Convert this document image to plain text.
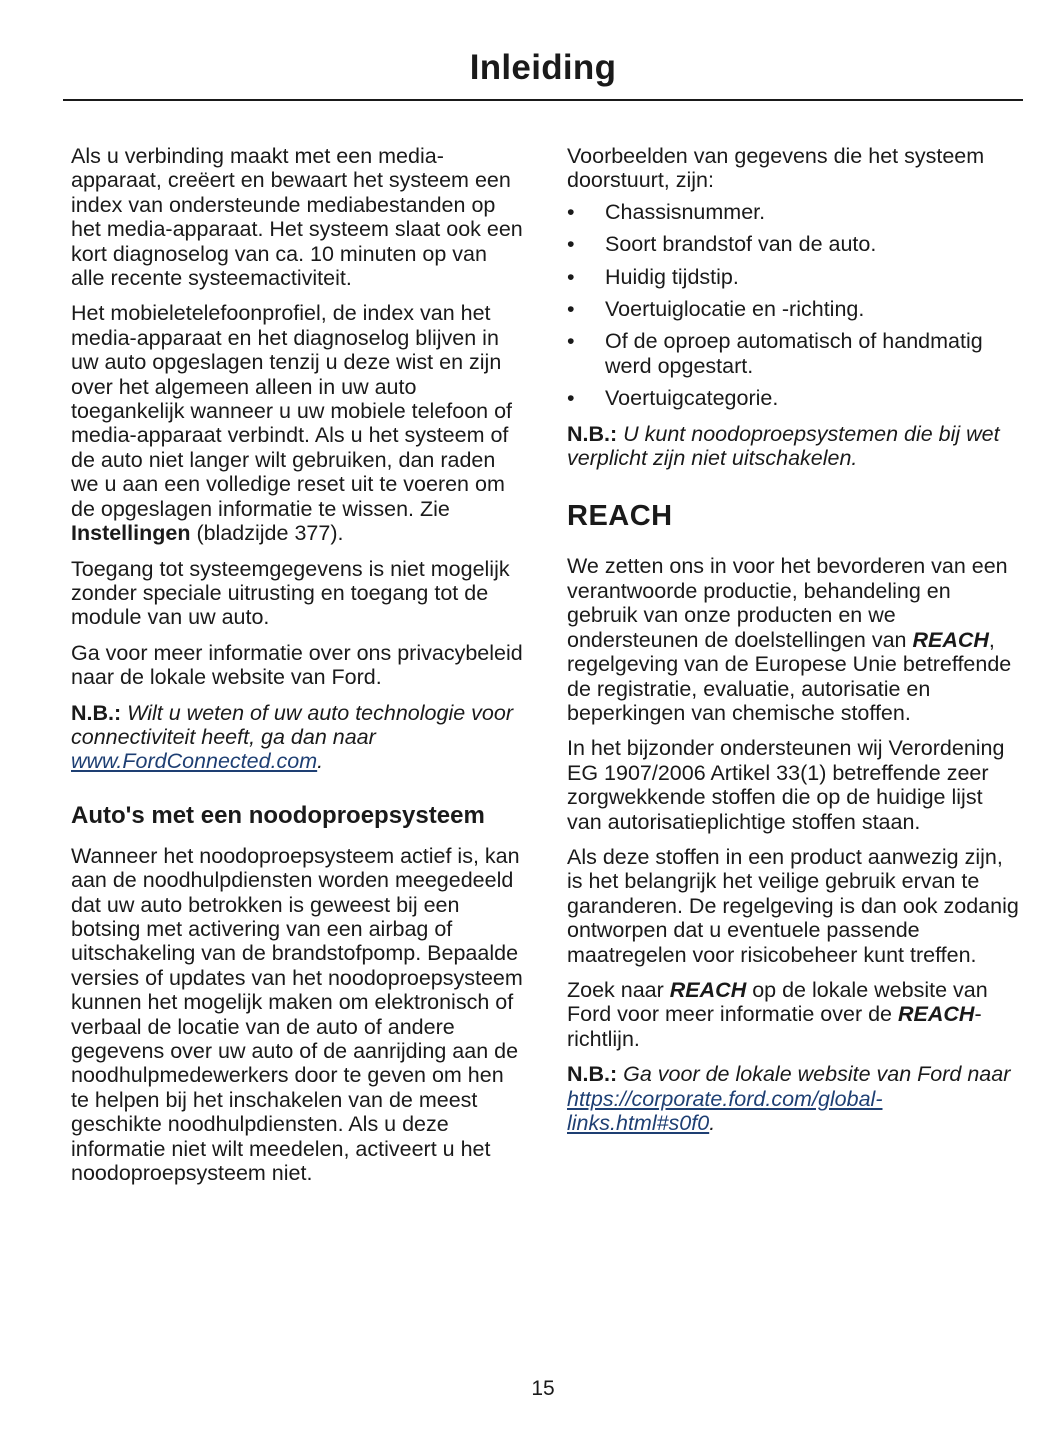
Inleiding

Als u verbinding maakt met een media-apparaat, creëert en bewaart het systeem een index van ondersteunde mediabestanden op het media-apparaat. Het systeem slaat ook een kort diagnoselog van ca. 10 minuten op van alle recente systeemactiviteit.

Het mobieletelefoonprofiel, de index van het media-apparaat en het diagnoselog blijven in uw auto opgeslagen tenzij u deze wist en zijn over het algemeen alleen in uw auto toegankelijk wanneer u uw mobiele telefoon of media-apparaat verbindt. Als u het systeem of de auto niet langer wilt gebruiken, dan raden we u aan een volledige reset uit te voeren om de opgeslagen informatie te wissen. Zie Instellingen (bladzijde 377).

Toegang tot systeemgegevens is niet mogelijk zonder speciale uitrusting en toegang tot de module van uw auto.

Ga voor meer informatie over ons privacybeleid naar de lokale website van Ford.

N.B.: Wilt u weten of uw auto technologie voor connectiviteit heeft, ga dan naar www.FordConnected.com.

Auto's met een noodoproepsysteem

Wanneer het noodoproepsysteem actief is, kan aan de noodhulpdiensten worden meegedeeld dat uw auto betrokken is geweest bij een botsing met activering van een airbag of uitschakeling van de brandstofpomp. Bepaalde versies of updates van het noodoproepsysteem kunnen het mogelijk maken om elektronisch of verbaal de locatie van de auto of andere gegevens over uw auto of de aanrijding aan de noodhulpmedewerkers door te geven om hen te helpen bij het inschakelen van de meest geschikte noodhulpdiensten. Als u deze informatie niet wilt meedelen, activeert u het noodoproepsysteem niet.

Voorbeelden van gegevens die het systeem doorstuurt, zijn:

• Chassisnummer.
• Soort brandstof van de auto.
• Huidig tijdstip.
• Voertuiglocatie en -richting.
• Of de oproep automatisch of handmatig werd opgestart.
• Voertuigcategorie.

N.B.: U kunt noodoproepsystemen die bij wet verplicht zijn niet uitschakelen.

REACH

We zetten ons in voor het bevorderen van een verantwoorde productie, behandeling en gebruik van onze producten en we ondersteunen de doelstellingen van REACH, regelgeving van de Europese Unie betreffende de registratie, evaluatie, autorisatie en beperkingen van chemische stoffen.

In het bijzonder ondersteunen wij Verordening EG 1907/2006 Artikel 33(1) betreffende zeer zorgwekkende stoffen die op de huidige lijst van autorisatieplichtige stoffen staan.

Als deze stoffen in een product aanwezig zijn, is het belangrijk het veilige gebruik ervan te garanderen. De regelgeving is dan ook zodanig ontworpen dat u eventuele passende maatregelen voor risicobeheer kunt treffen.

Zoek naar REACH op de lokale website van Ford voor meer informatie over de REACH-richtlijn.

N.B.: Ga voor de lokale website van Ford naar https://corporate.ford.com/global-links.html#s0f0.

15
